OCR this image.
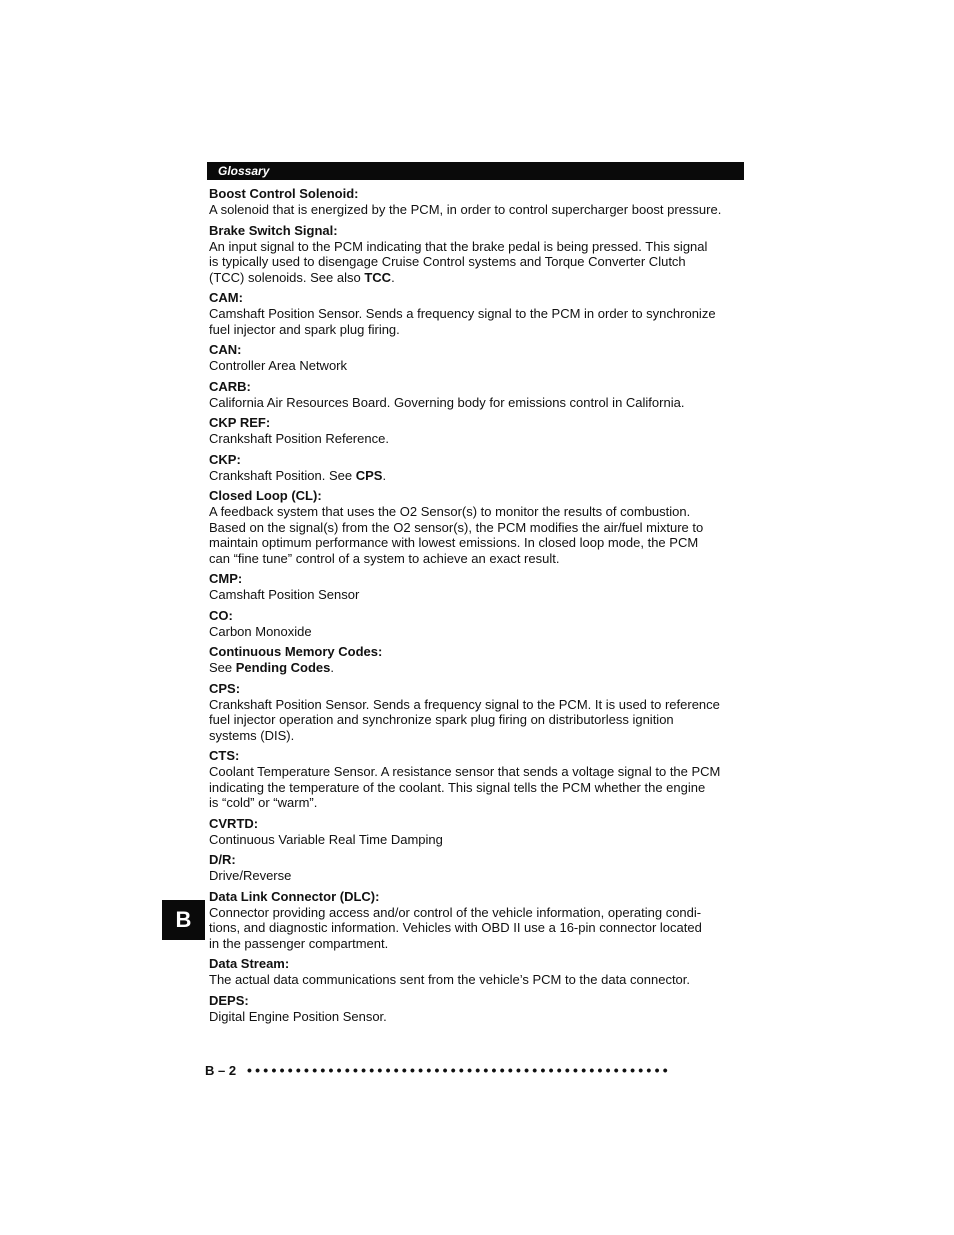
Glossary
Boost Control Solenoid:
A solenoid that is energized by the PCM, in order to control supercharger boost pressure.
Brake Switch Signal:
An input signal to the PCM indicating that the brake pedal is being pressed. This signal
is typically used to disengage Cruise Control systems and Torque Converter Clutch
(TCC) solenoids. See also TCC.
CAM:
Camshaft Position Sensor. Sends a frequency signal to the PCM in order to synchronize
fuel injector and spark plug firing.
CAN:
Controller Area Network
CARB:
California Air Resources Board. Governing body for emissions control in California.
CKP REF:
Crankshaft Position Reference.
CKP:
Crankshaft Position. See CPS.
Closed Loop (CL):
A feedback system that uses the O2 Sensor(s) to monitor the results of combustion.
Based on the signal(s) from the O2 sensor(s), the PCM modifies the air/fuel mixture to
maintain optimum performance with lowest emissions. In closed loop mode, the PCM
can “fine tune” control of a system to achieve an exact result.
CMP:
Camshaft Position Sensor
CO:
Carbon Monoxide
Continuous Memory Codes:
See Pending Codes.
CPS:
Crankshaft Position Sensor. Sends a frequency signal to the PCM. It is used to reference
fuel injector operation and synchronize spark plug firing on distributorless ignition
systems (DIS).
CTS:
Coolant Temperature Sensor. A resistance sensor that sends a voltage signal to the PCM
indicating the temperature of the coolant. This signal tells the PCM whether the engine
is “cold” or “warm”.
CVRTD:
Continuous Variable Real Time Damping
D/R:
Drive/Reverse
Data Link Connector (DLC):
Connector providing access and/or control of the vehicle information, operating condi-
tions, and diagnostic information. Vehicles with OBD II use a 16-pin connector located
in the passenger compartment.
Data Stream:
The actual data communications sent from the vehicle’s PCM to the data connector.
DEPS:
Digital Engine Position Sensor.
B
B – 2 ••••••••••••••••••••••••••••••••••••••••••••••••••••
